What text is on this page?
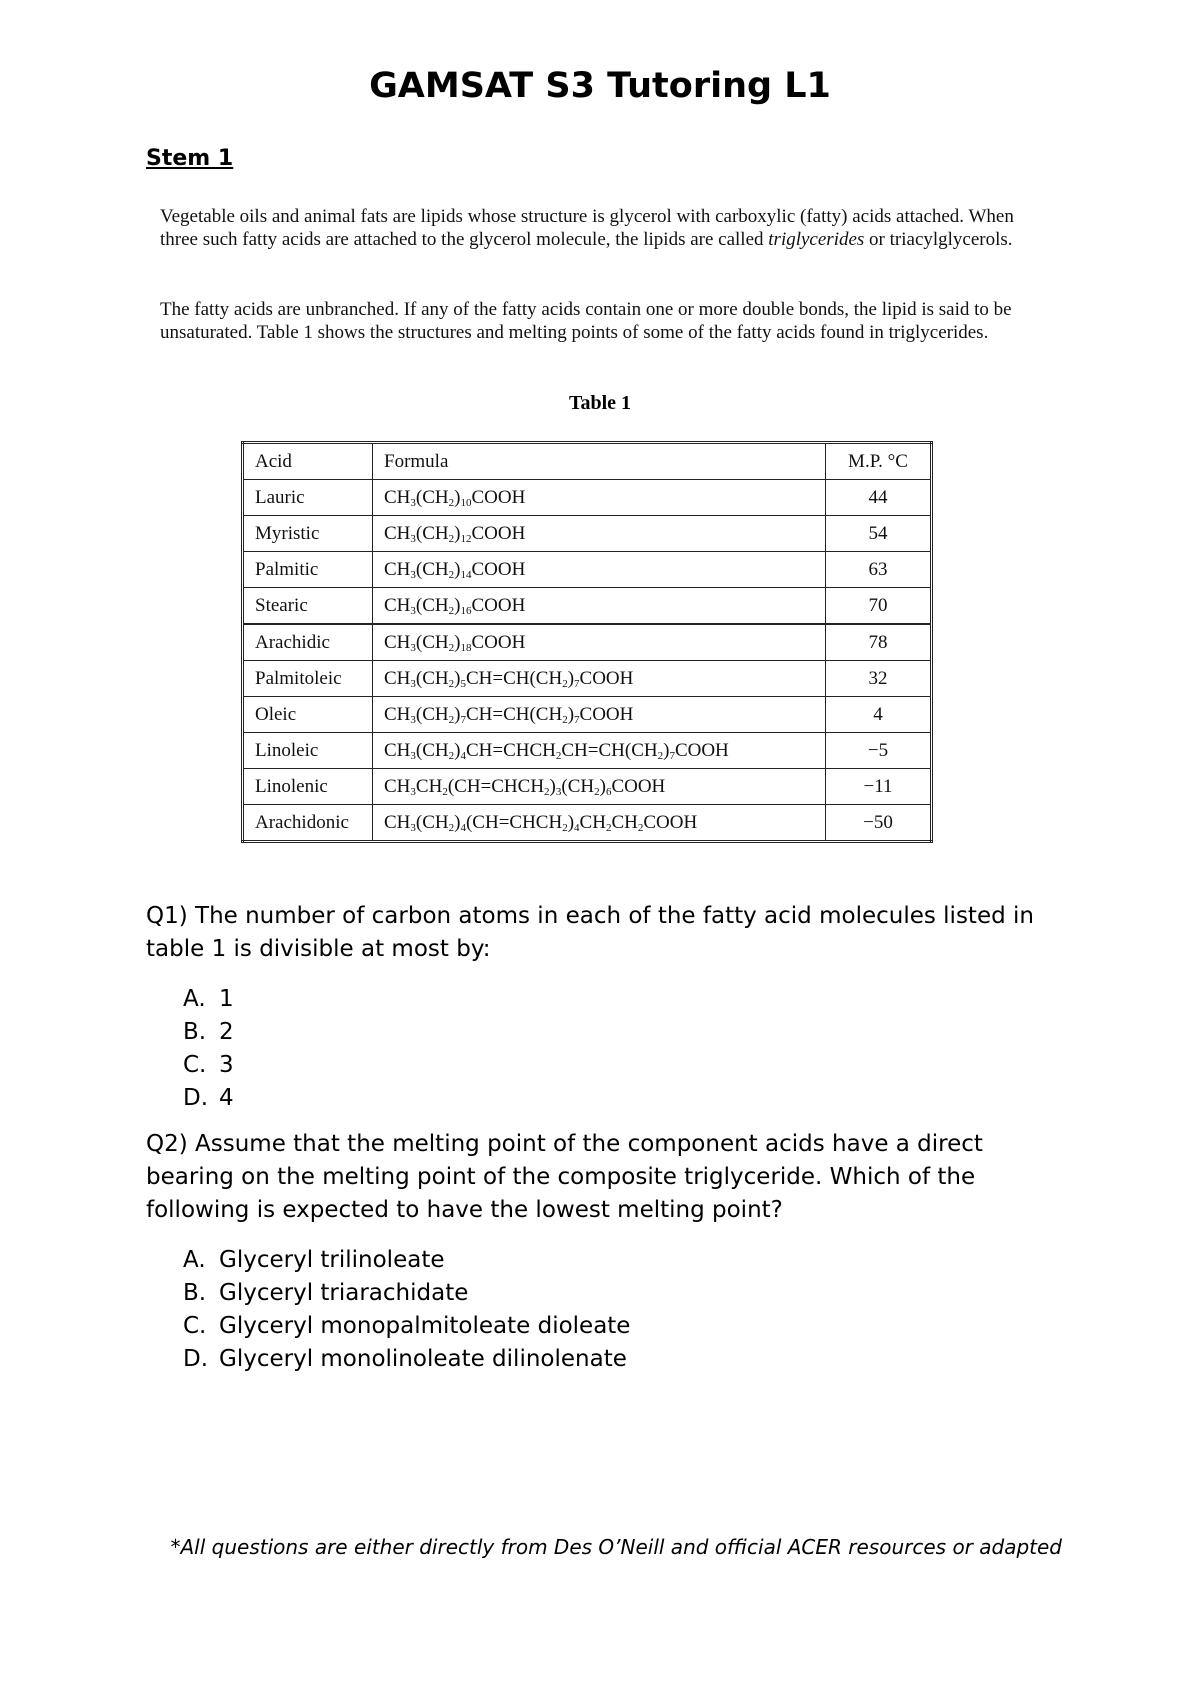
GAMSAT S3 Tutoring L1
Stem 1
Vegetable oils and animal fats are lipids whose structure is glycerol with carboxylic (fatty) acids attached. When three such fatty acids are attached to the glycerol molecule, the lipids are called triglycerides or triacylglycerols.
The fatty acids are unbranched. If any of the fatty acids contain one or more double bonds, the lipid is said to be unsaturated. Table 1 shows the structures and melting points of some of the fatty acids found in triglycerides.
Table 1
Acid	Formula	M.P. °C
Lauric	$CH_3(CH_2)_{10}COOH$	44
Myristic	$CH_3(CH_2)_{12}COOH$	54
Palmitic	$CH_3(CH_2)_{14}COOH$	63
Stearic	$CH_3(CH_2)_{16}COOH$	70
Arachidic	$CH_3(CH_2)_{18}COOH$	78
Palmitoleic	$CH_3(CH_2)_5CH=CH(CH_2)_7COOH$	32
Oleic	$CH_3(CH_2)_7CH=CH(CH_2)_7COOH$	4
Linoleic	$CH_3(CH_2)_4CH=CHCH_2CH=CH(CH_2)_7COOH$	−5
Linolenic	$CH_3CH_2(CH=CHCH_2)_3(CH_2)_6COOH$	−11
Arachidonic	$CH_3(CH_2)_4(CH=CHCH_2)_4CH_2CH_2COOH$	−50
Q1) The number of carbon atoms in each of the fatty acid molecules listed in table 1 is divisible at most by:
A. 1
B. 2
C. 3
D. 4
Q2) Assume that the melting point of the component acids have a direct bearing on the melting point of the composite triglyceride. Which of the following is expected to have the lowest melting point?
A. Glyceryl trilinoleate
B. Glyceryl triarachidate
C. Glyceryl monopalmitoleate dioleate
D. Glyceryl monolinoleate dilinolenate
*All questions are either directly from Des O’Neill and official ACER resources or adapted
